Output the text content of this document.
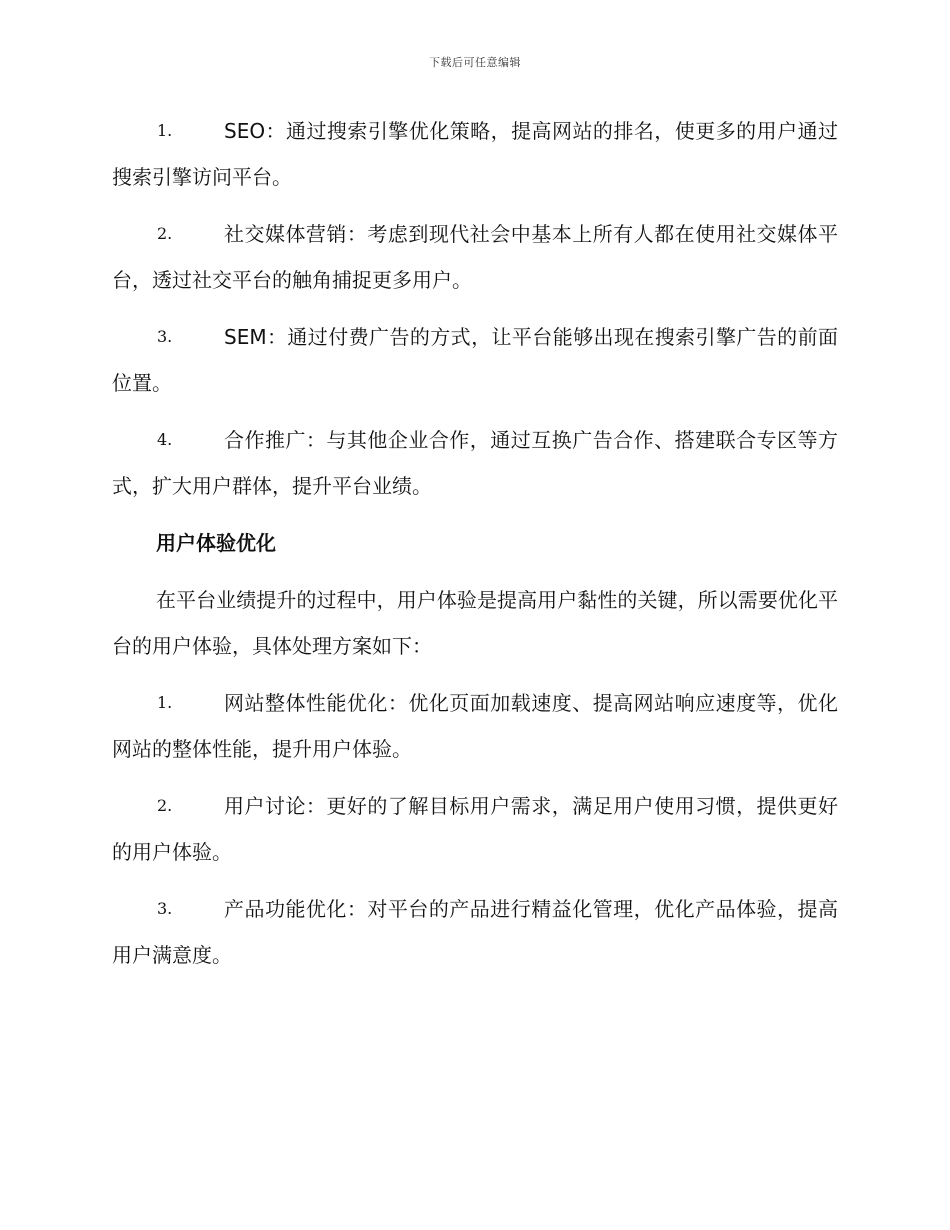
下载后可任意编辑
1.	SEO：通过搜索引擎优化策略，提高网站的排名，使更多的用户通过搜索引擎访问平台。
2.	社交媒体营销：考虑到现代社会中基本上所有人都在使用社交媒体平台，透过社交平台的触角捕捉更多用户。
3.	SEM：通过付费广告的方式，让平台能够出现在搜索引擎广告的前面位置。
4.	合作推广：与其他企业合作，通过互换广告合作、搭建联合专区等方式，扩大用户群体，提升平台业绩。
用户体验优化
在平台业绩提升的过程中，用户体验是提高用户黏性的关键，所以需要优化平台的用户体验，具体处理方案如下：
1.	网站整体性能优化：优化页面加载速度、提高网站响应速度等，优化网站的整体性能，提升用户体验。
2.	用户讨论：更好的了解目标用户需求，满足用户使用习惯，提供更好的用户体验。
3.	产品功能优化：对平台的产品进行精益化管理，优化产品体验，提高用户满意度。
